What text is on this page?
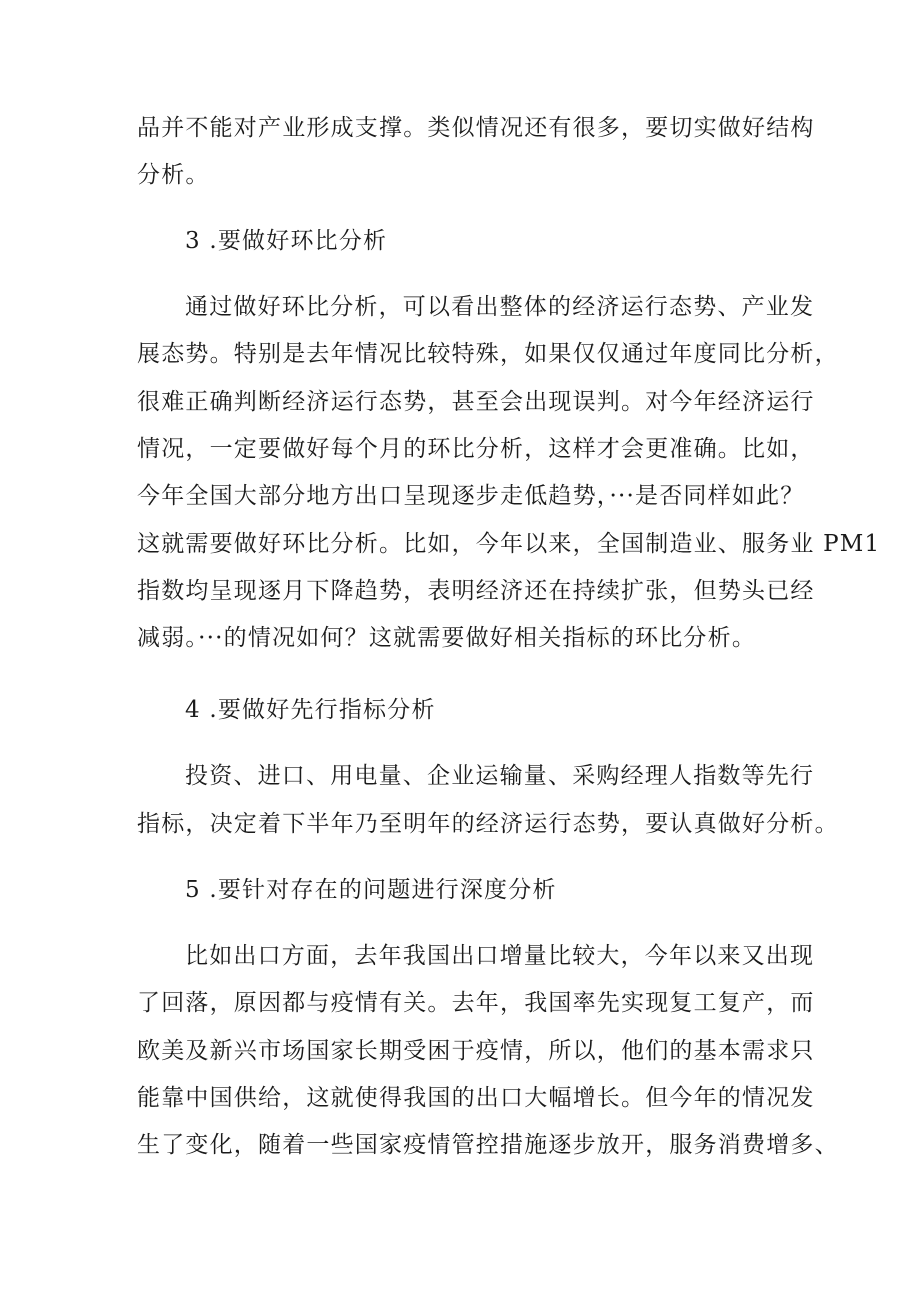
品并不能对产业形成支撑。类似情况还有很多，要切实做好结构
分析。
3 .要做好环比分析
通过做好环比分析，可以看出整体的经济运行态势、产业发
展态势。特别是去年情况比较特殊，如果仅仅通过年度同比分析，
很难正确判断经济运行态势，甚至会出现误判。对今年经济运行
情况，一定要做好每个月的环比分析，这样才会更准确。比如，
今年全国大部分地方出口呈现逐步走低趋势，···是否同样如此？
这就需要做好环比分析。比如，今年以来，全国制造业、服务业 PM1
指数均呈现逐月下降趋势，表明经济还在持续扩张，但势头已经
减弱。···的情况如何？这就需要做好相关指标的环比分析。
4 .要做好先行指标分析
投资、进口、用电量、企业运输量、采购经理人指数等先行
指标，决定着下半年乃至明年的经济运行态势，要认真做好分析。
5 .要针对存在的问题进行深度分析
比如出口方面，去年我国出口增量比较大，今年以来又出现
了回落，原因都与疫情有关。去年，我国率先实现复工复产，而
欧美及新兴市场国家长期受困于疫情，所以，他们的基本需求只
能靠中国供给，这就使得我国的出口大幅增长。但今年的情况发
生了变化，随着一些国家疫情管控措施逐步放开，服务消费增多、
